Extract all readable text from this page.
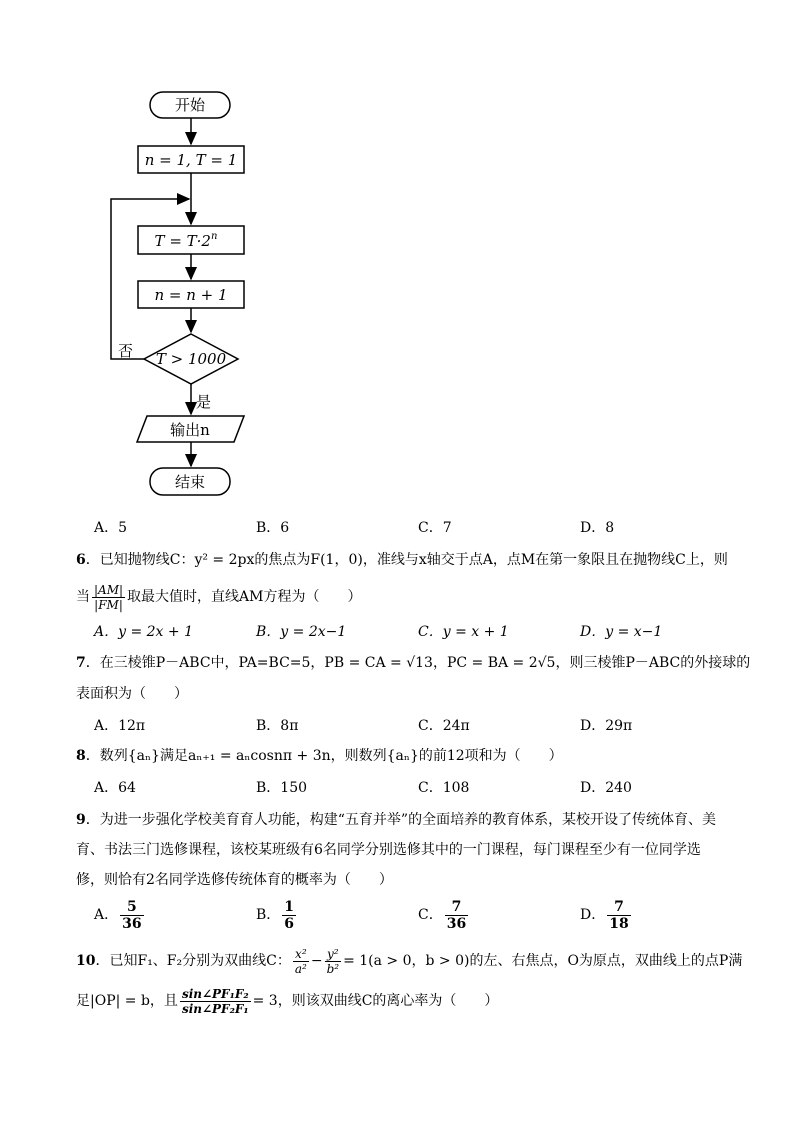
开始
n = 1, T = 1
$T = T\cdot 2^n$
n = n + 1
T > 1000
否
是
输出n
结束
A．5	B．6	C．7	D．8
6．已知抛物线C：y² = 2px的焦点为F(1，0)，准线与x轴交于点A，点M在第一象限且在抛物线C上，则
当 $\frac{|AM|}{|FM|}$ 取最大值时，直线AM方程为（　　）
A．y = 2x + 1	B．y = 2x−1	C．y = x + 1	D．y = x−1
7．在三棱锥P－ABC中，PA=BC=5，PB = CA = √13，PC = BA = 2√5，则三棱锥P－ABC的外接球的
表面积为（　　）
A．12π	B．8π	C．24π	D．29π
8．数列{aₙ}满足aₙ₊₁ = aₙcosnπ + 3n，则数列{aₙ}的前12项和为（　　）
A．64	B．150	C．108	D．240
9．为进一步强化学校美育育人功能，构建“五育并举”的全面培养的教育体系，某校开设了传统体育、美
育、书法三门选修课程，该校某班级有6名同学分别选修其中的一门课程，每门课程至少有一位同学选
修，则恰有2名同学选修传统体育的概率为（　　）
A． $\frac{5}{36}$	B． $\frac{1}{6}$	C． $\frac{7}{36}$	D． $\frac{7}{18}$
10．已知F₁、F₂分别为双曲线C： $\frac{\text{x²}}{\text{a²}} - \frac{\text{y²}}{\text{b²}} = 1(a > 0$，b > 0)的左、右焦点，O为原点，双曲线上的点P满
足|OP| = b，且 $\frac{\text{sin∠PF₁F₂}}{\text{sin∠PF₂F₁}} = 3$，则该双曲线C的离心率为（　　）
